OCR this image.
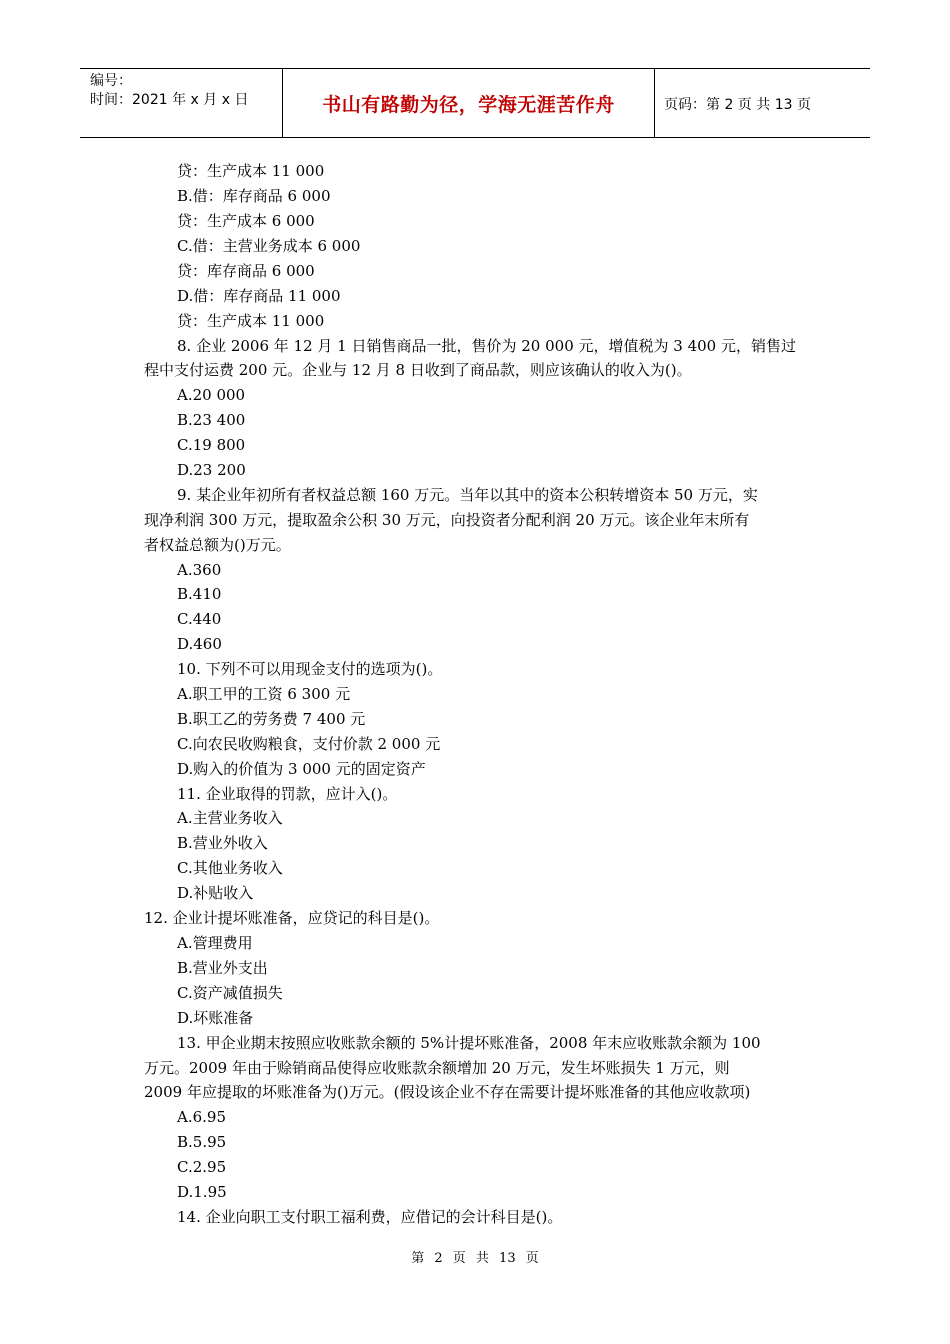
编号：
时间：2021 年 x 月 x 日	书山有路勤为径，学海无涯苦作舟	页码：第 2 页 共 13 页
贷：生产成本 11 000
B.借：库存商品 6 000
贷：生产成本 6 000
C.借：主营业务成本 6 000
贷：库存商品 6 000
D.借：库存商品 11 000
贷：生产成本 11 000
8. 企业 2006 年 12 月 1 日销售商品一批，售价为 20 000 元，增值税为 3 400 元，销售过
程中支付运费 200 元。企业与 12 月 8 日收到了商品款，则应该确认的收入为()。
A.20 000
B.23 400
C.19 800
D.23 200
9. 某企业年初所有者权益总额 160 万元。当年以其中的资本公积转增资本 50 万元，实
现净利润 300 万元，提取盈余公积 30 万元，向投资者分配利润 20 万元。该企业年末所有
者权益总额为()万元。
A.360
B.410
C.440
D.460
10. 下列不可以用现金支付的选项为()。
A.职工甲的工资 6 300 元
B.职工乙的劳务费 7 400 元
C.向农民收购粮食，支付价款 2 000 元
D.购入的价值为 3 000 元的固定资产
11. 企业取得的罚款，应计入()。
A.主营业务收入
B.营业外收入
C.其他业务收入
D.补贴收入
12. 企业计提坏账准备，应贷记的科目是()。
A.管理费用
B.营业外支出
C.资产减值损失
D.坏账准备
13. 甲企业期末按照应收账款余额的 5%计提坏账准备，2008 年末应收账款余额为 100
万元。2009 年由于赊销商品使得应收账款余额增加 20 万元，发生坏账损失 1 万元，则
2009 年应提取的坏账准备为()万元。(假设该企业不存在需要计提坏账准备的其他应收款项)
A.6.95
B.5.95
C.2.95
D.1.95
14. 企业向职工支付职工福利费，应借记的会计科目是()。
第 2 页 共 13 页
